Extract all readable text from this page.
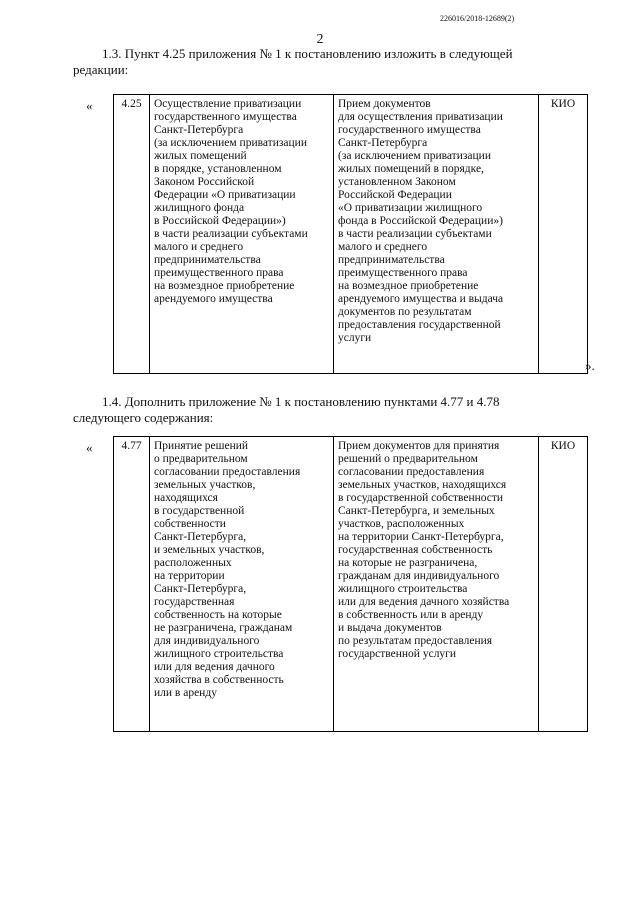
226016/2018-12689(2)
2
1.3. Пункт 4.25 приложения № 1 к постановлению изложить в следующей
редакции:
«	4.25	Осуществление приватизации
государственного имущества
Санкт-Петербурга
(за исключением приватизации
жилых помещений
в порядке, установленном
Законом Российской
Федерации «О приватизации
жилищного фонда
в Российской Федерации»)
в части реализации субъектами
малого и среднего
предпринимательства
преимущественного права
на возмездное приобретение
арендуемого имущества	Прием документов
для осуществления приватизации
государственного имущества
Санкт-Петербурга
(за исключением приватизации
жилых помещений в порядке,
установленном Законом
Российской Федерации
«О приватизации жилищного
фонда в Российской Федерации»)
в части реализации субъектами
малого и среднего
предпринимательства
преимущественного права
на возмездное приобретение
арендуемого имущества и выдача
документов по результатам
предоставления государственной
услуги	КИО
».
1.4. Дополнить приложение № 1 к постановлению пунктами 4.77 и 4.78
следующего содержания:
«	4.77	Принятие решений
о предварительном
согласовании предоставления
земельных участков,
находящихся
в государственной
собственности
Санкт-Петербурга,
и земельных участков,
расположенных
на территории
Санкт-Петербурга,
государственная
собственность на которые
не разграничена, гражданам
для индивидуального
жилищного строительства
или для ведения дачного
хозяйства в собственность
или в аренду	Прием документов для принятия
решений о предварительном
согласовании предоставления
земельных участков, находящихся
в государственной собственности
Санкт-Петербурга, и земельных
участков, расположенных
на территории Санкт-Петербурга,
государственная собственность
на которые не разграничена,
гражданам для индивидуального
жилищного строительства
или для ведения дачного хозяйства
в собственность или в аренду
и выдача документов
по результатам предоставления
государственной услуги	КИО
